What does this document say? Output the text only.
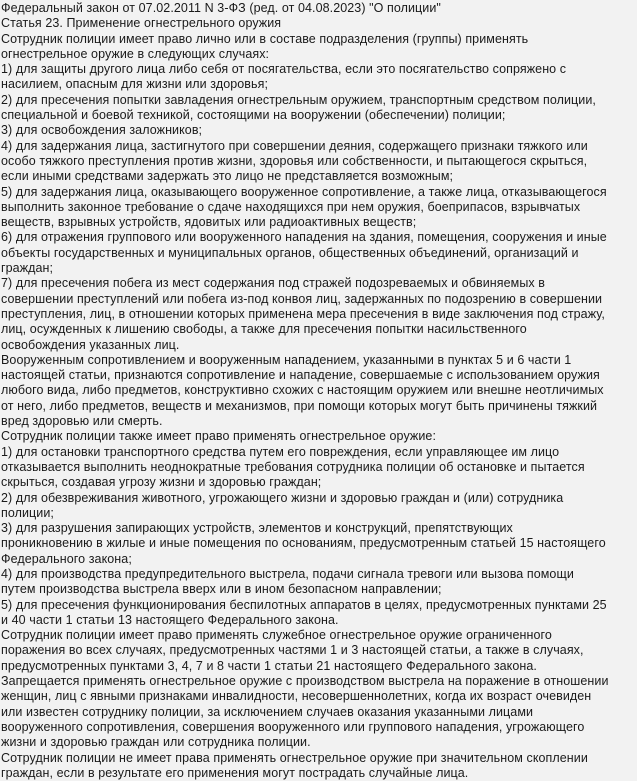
Федеральный закон от 07.02.2011 N 3-ФЗ (ред. от 04.08.2023) "О полиции"
Статья 23. Применение огнестрельного оружия
Сотрудник полиции имеет право лично или в составе подразделения (группы) применять
огнестрельное оружие в следующих случаях:
1) для защиты другого лица либо себя от посягательства, если это посягательство сопряжено с
насилием, опасным для жизни или здоровья;
2) для пресечения попытки завладения огнестрельным оружием, транспортным средством полиции,
специальной и боевой техникой, состоящими на вооружении (обеспечении) полиции;
3) для освобождения заложников;
4) для задержания лица, застигнутого при совершении деяния, содержащего признаки тяжкого или
особо тяжкого преступления против жизни, здоровья или собственности, и пытающегося скрыться,
если иными средствами задержать это лицо не представляется возможным;
5) для задержания лица, оказывающего вооруженное сопротивление, а также лица, отказывающегося
выполнить законное требование о сдаче находящихся при нем оружия, боеприпасов, взрывчатых
веществ, взрывных устройств, ядовитых или радиоактивных веществ;
6) для отражения группового или вооруженного нападения на здания, помещения, сооружения и иные
объекты государственных и муниципальных органов, общественных объединений, организаций и
граждан;
7) для пресечения побега из мест содержания под стражей подозреваемых и обвиняемых в
совершении преступлений или побега из-под конвоя лиц, задержанных по подозрению в совершении
преступления, лиц, в отношении которых применена мера пресечения в виде заключения под стражу,
лиц, осужденных к лишению свободы, а также для пресечения попытки насильственного
освобождения указанных лиц.
Вооруженным сопротивлением и вооруженным нападением, указанными в пунктах 5 и 6 части 1
настоящей статьи, признаются сопротивление и нападение, совершаемые с использованием оружия
любого вида, либо предметов, конструктивно схожих с настоящим оружием или внешне неотличимых
от него, либо предметов, веществ и механизмов, при помощи которых могут быть причинены тяжкий
вред здоровью или смерть.
Сотрудник полиции также имеет право применять огнестрельное оружие:
1) для остановки транспортного средства путем его повреждения, если управляющее им лицо
отказывается выполнить неоднократные требования сотрудника полиции об остановке и пытается
скрыться, создавая угрозу жизни и здоровью граждан;
2) для обезвреживания животного, угрожающего жизни и здоровью граждан и (или) сотрудника
полиции;
3) для разрушения запирающих устройств, элементов и конструкций, препятствующих
проникновению в жилые и иные помещения по основаниям, предусмотренным статьей 15 настоящего
Федерального закона;
4) для производства предупредительного выстрела, подачи сигнала тревоги или вызова помощи
путем производства выстрела вверх или в ином безопасном направлении;
5) для пресечения функционирования беспилотных аппаратов в целях, предусмотренных пунктами 25
и 40 части 1 статьи 13 настоящего Федерального закона.
Сотрудник полиции имеет право применять служебное огнестрельное оружие ограниченного
поражения во всех случаях, предусмотренных частями 1 и 3 настоящей статьи, а также в случаях,
предусмотренных пунктами 3, 4, 7 и 8 части 1 статьи 21 настоящего Федерального закона.
Запрещается применять огнестрельное оружие с производством выстрела на поражение в отношении
женщин, лиц с явными признаками инвалидности, несовершеннолетних, когда их возраст очевиден
или известен сотруднику полиции, за исключением случаев оказания указанными лицами
вооруженного сопротивления, совершения вооруженного или группового нападения, угрожающего
жизни и здоровью граждан или сотрудника полиции.
Сотрудник полиции не имеет права применять огнестрельное оружие при значительном скоплении
граждан, если в результате его применения могут пострадать случайные лица.
